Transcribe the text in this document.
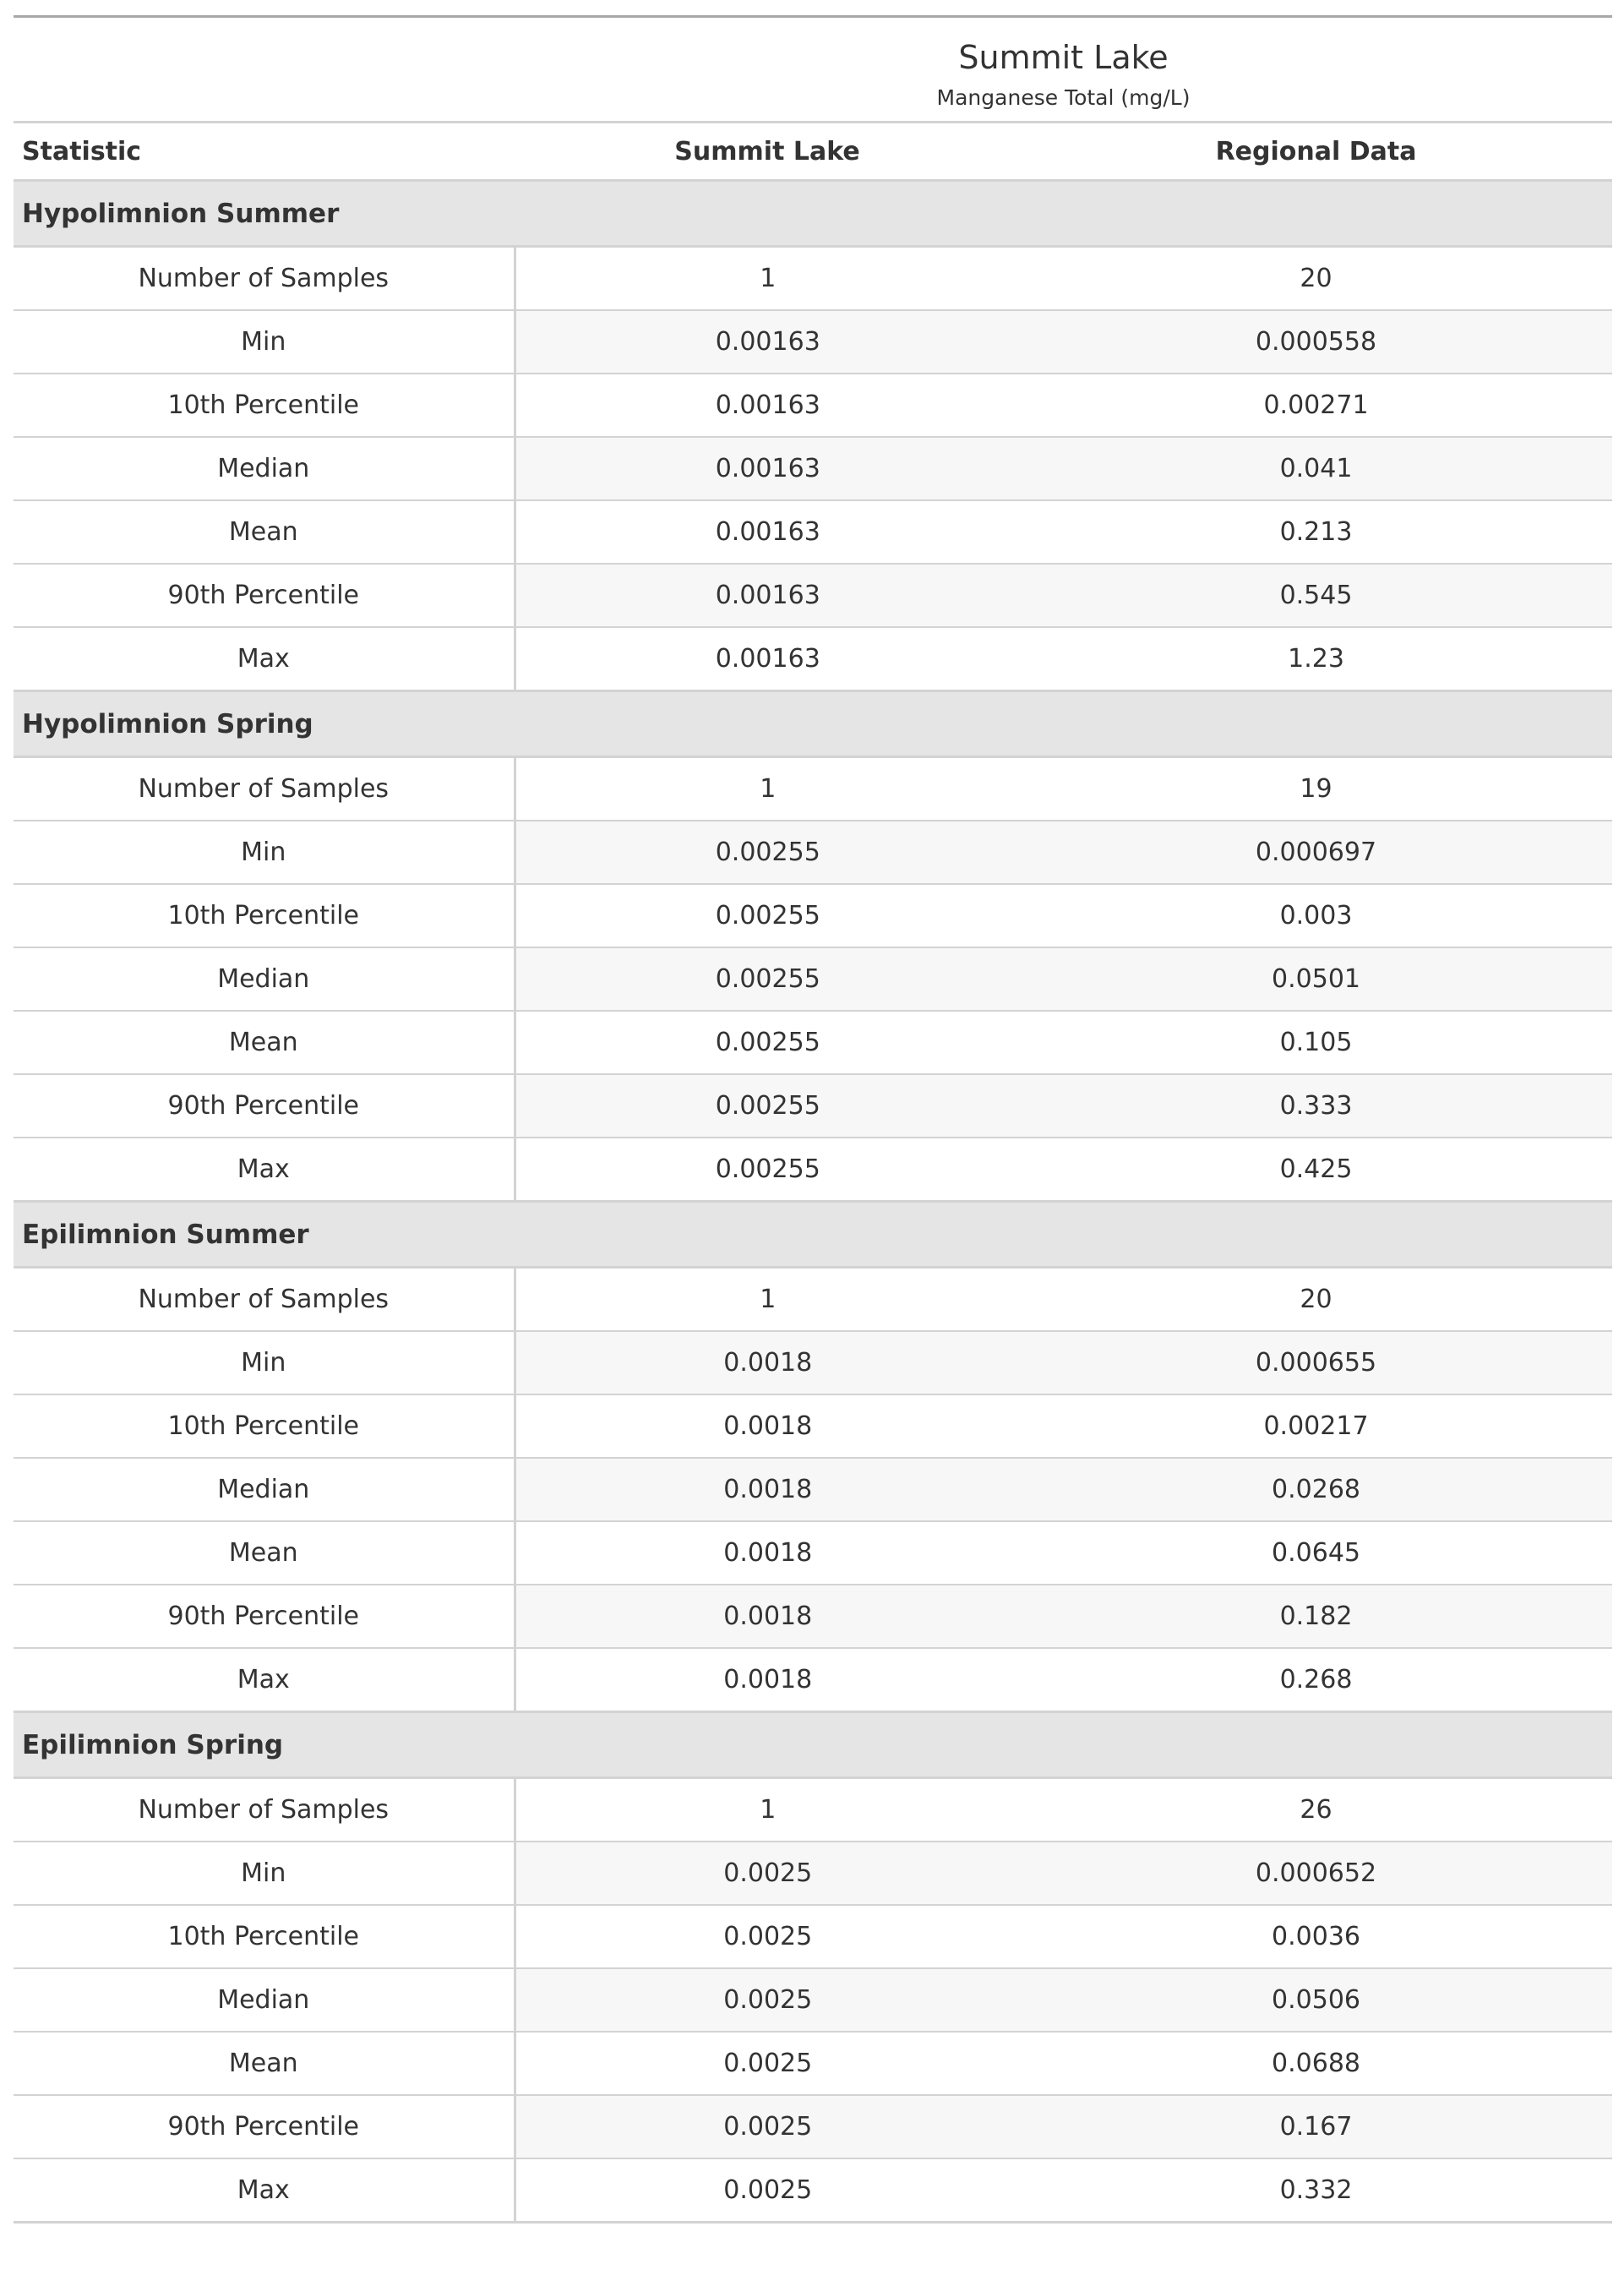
	Summit Lake
Manganese Total (mg/L)	

Statistic	Summit Lake	Regional Data
Hypolimnion Summer		
Number of Samples	1	20
Min	0.00163	0.000558
10th Percentile	0.00163	0.00271
Median	0.00163	0.041
Mean	0.00163	0.213
90th Percentile	0.00163	0.545
Max	0.00163	1.23
Hypolimnion Spring		
Number of Samples	1	19
Min	0.00255	0.000697
10th Percentile	0.00255	0.003
Median	0.00255	0.0501
Mean	0.00255	0.105
90th Percentile	0.00255	0.333
Max	0.00255	0.425
Epilimnion Summer		
Number of Samples	1	20
Min	0.0018	0.000655
10th Percentile	0.0018	0.00217
Median	0.0018	0.0268
Mean	0.0018	0.0645
90th Percentile	0.0018	0.182
Max	0.0018	0.268
Epilimnion Spring		
Number of Samples	1	26
Min	0.0025	0.000652
10th Percentile	0.0025	0.0036
Median	0.0025	0.0506
Mean	0.0025	0.0688
90th Percentile	0.0025	0.167
Max	0.0025	0.332
